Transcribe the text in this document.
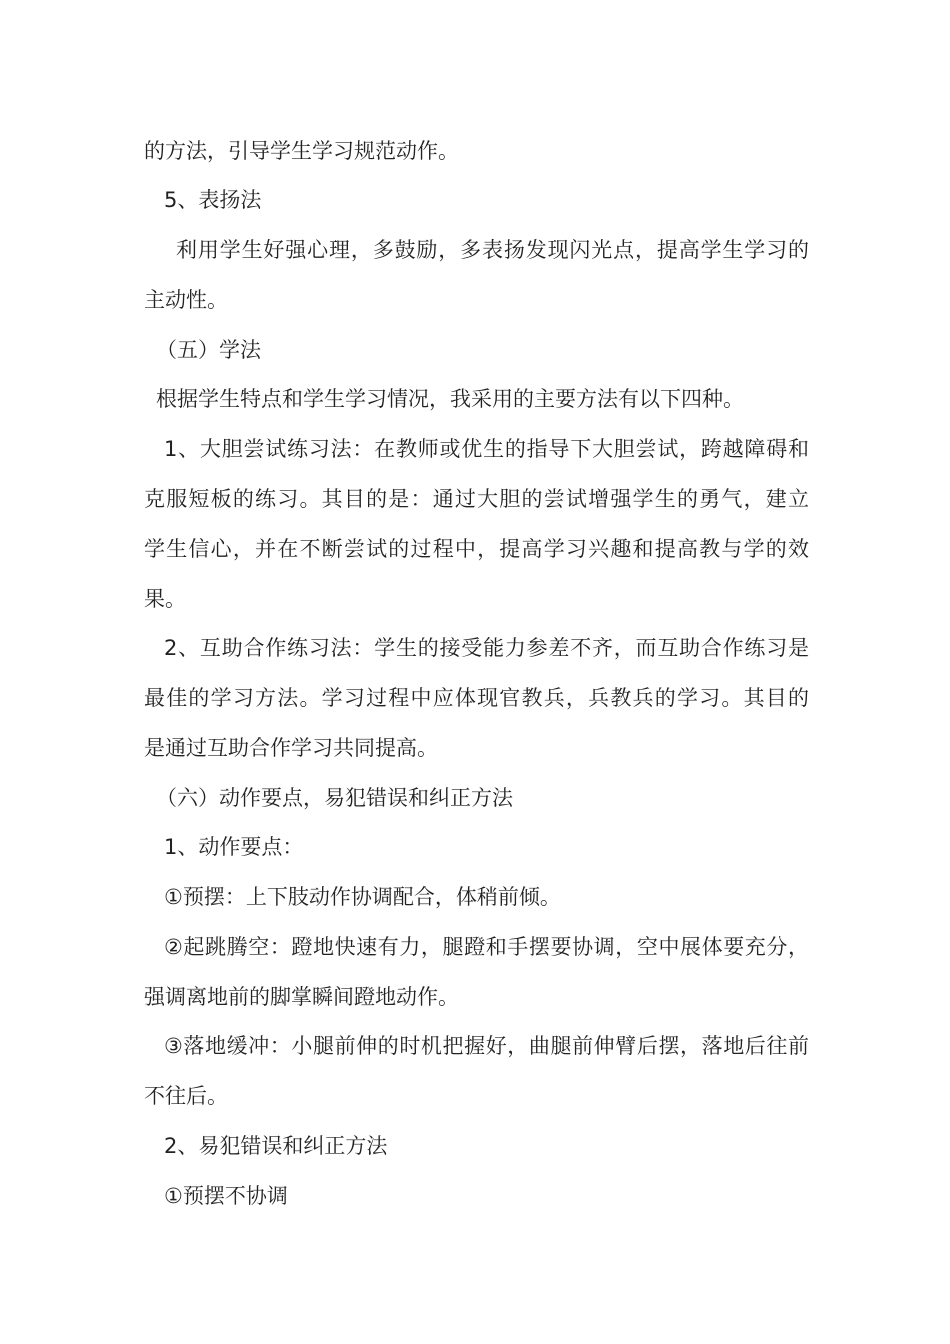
的方法，引导学生学习规范动作。
5、表扬法
利用学生好强心理，多鼓励，多表扬发现闪光点，提高学生学习的
主动性。
（五）学法
根据学生特点和学生学习情况，我采用的主要方法有以下四种。
1、大胆尝试练习法：在教师或优生的指导下大胆尝试，跨越障碍和
克服短板的练习。其目的是：通过大胆的尝试增强学生的勇气，建立
学生信心，并在不断尝试的过程中，提高学习兴趣和提高教与学的效
果。
2、互助合作练习法：学生的接受能力参差不齐，而互助合作练习是
最佳的学习方法。学习过程中应体现官教兵，兵教兵的学习。其目的
是通过互助合作学习共同提高。
（六）动作要点，易犯错误和纠正方法
1、动作要点：
①预摆：上下肢动作协调配合，体稍前倾。
②起跳腾空：蹬地快速有力，腿蹬和手摆要协调，空中展体要充分，
强调离地前的脚掌瞬间蹬地动作。
③落地缓冲：小腿前伸的时机把握好，曲腿前伸臂后摆，落地后往前
不往后。
2、易犯错误和纠正方法
①预摆不协调
